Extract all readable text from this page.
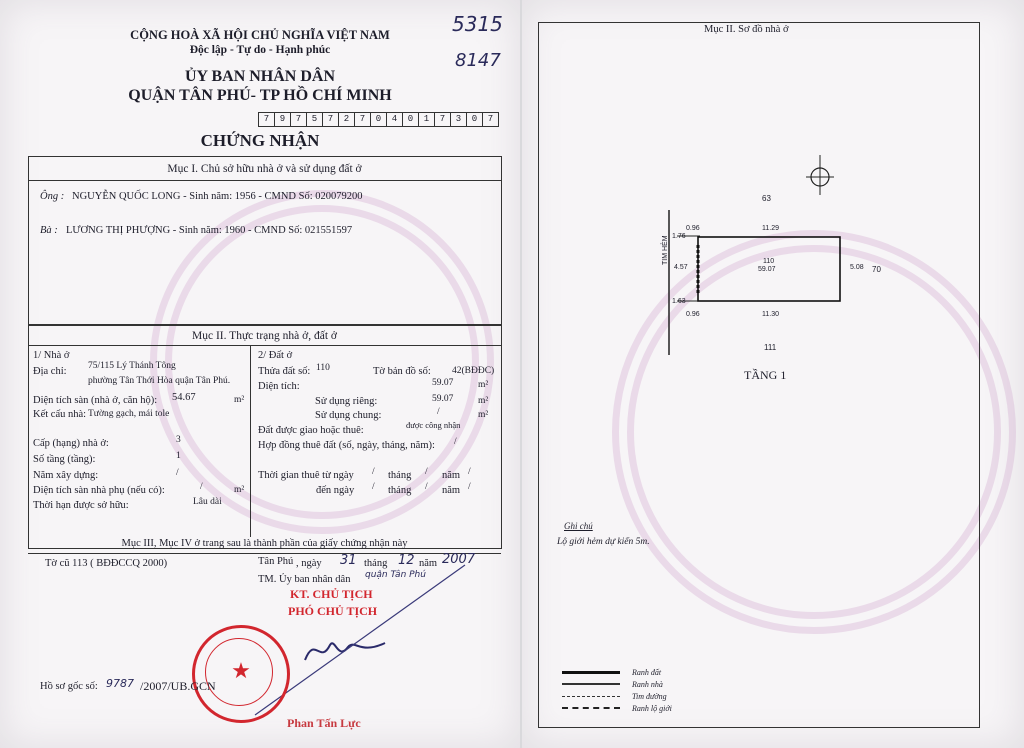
CỘNG HOÀ XÃ HỘI CHỦ NGHĨA VIỆT NAM
Độc lập - Tự do - Hạnh phúc
ỦY BAN NHÂN DÂN
QUẬN TÂN PHÚ- TP HỒ CHÍ MINH
5315
8147
7	9	7	5	7	2	7	0	4	0	1	7	3	0	7
CHỨNG NHẬN
Mục I. Chủ sở hữu nhà ở và sử dụng đất ở
Ông : NGUYỄN QUỐC LONG - Sinh năm: 1956 - CMND Số: 020079200
Bà : LƯƠNG THỊ PHƯỢNG - Sinh năm: 1960 - CMND Số: 021551597
Mục II. Thực trạng nhà ở, đất ở
1/ Nhà ở
Địa chỉ: 75/115 Lý Thánh Tông
phường Tân Thới Hòa quận Tân Phú.
Diện tích sàn (nhà ở, căn hộ): 54.67	m²
Kết cấu nhà: Tường gạch, mái tole
Cấp (hạng) nhà ở:	3
Số tầng (tầng):	1
Năm xây dựng:	/
Diện tích sàn nhà phụ (nếu có):	/	m²
Thời hạn được sở hữu:	Lâu dài
2/ Đất ở
Thửa đất số: 110	Tờ bản đồ số: 42(BĐĐC)
Diện tích:	59.07	m²
Sử dụng riêng:	59.07	m²
Sử dụng chung:	/	m²
Đất được giao hoặc thuê:	được công nhận
Hợp đồng thuê đất (số, ngày, tháng, năm): /
Thời gian thuê từ ngày / tháng / năm /
đến ngày / tháng / năm /
Mục III, Mục IV ở trang sau là thành phần của giấy chứng nhận này
Tờ cũ 113 ( BĐĐCCQ 2000)	Tân Phú , ngày 31 tháng 12 năm 2007
TM. Ủy ban nhân dân quận Tân Phú
KT. CHỦ TỊCH
PHÓ CHỦ TỊCH
★
Hồ sơ gốc số: 9787 /2007/UB.GCN
Phan Tấn Lực
Mục II. Sơ đồ nhà ở
63
70
111
0.96	11.29
1.76
4.57	5.08
1.63
0.96	11.30
110
59.07
TIM HẺM
TẦNG 1
Ghi chú
Lộ giới hẻm dự kiến 5m.
Ranh đất
Ranh nhà
Tim đường
Ranh lộ giới
